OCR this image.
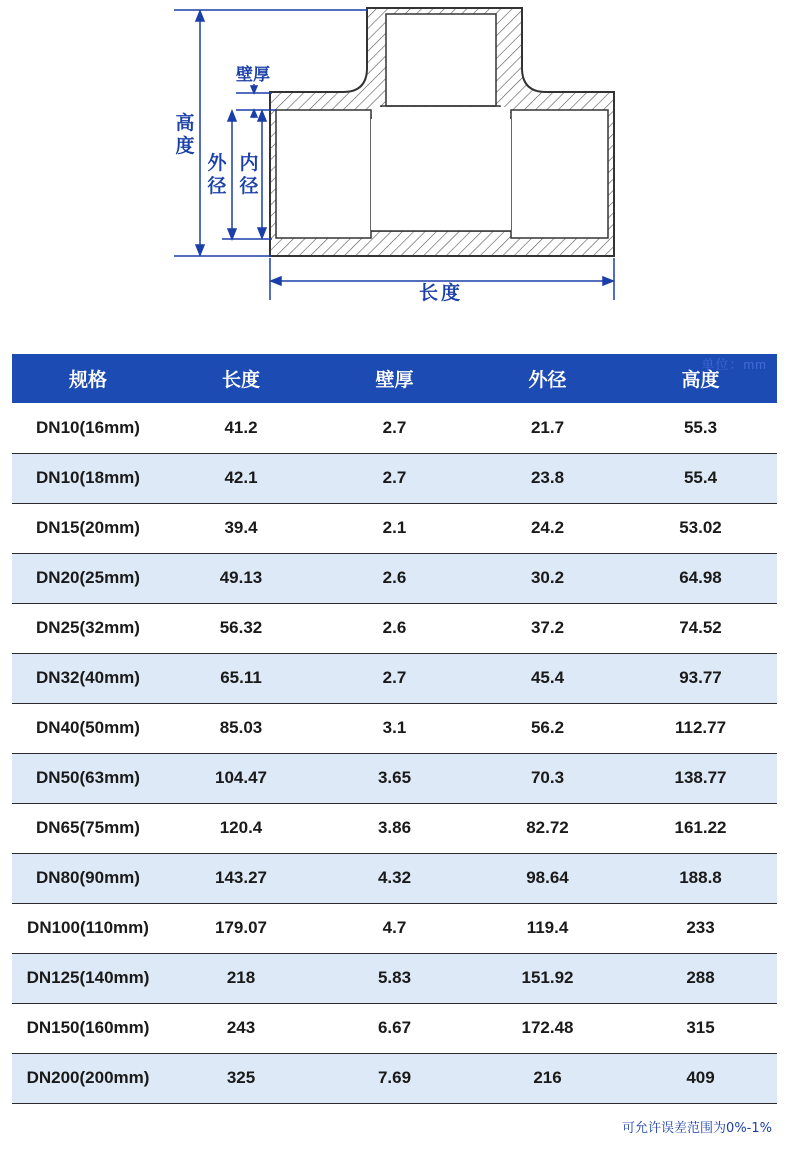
高度
壁厚
外径
内径
长度
规格	长度	壁厚	外径	高度
DN10(16mm)	41.2	2.7	21.7	55.3
DN10(18mm)	42.1	2.7	23.8	55.4
DN15(20mm)	39.4	2.1	24.2	53.02
DN20(25mm)	49.13	2.6	30.2	64.98
DN25(32mm)	56.32	2.6	37.2	74.52
DN32(40mm)	65.11	2.7	45.4	93.77
DN40(50mm)	85.03	3.1	56.2	112.77
DN50(63mm)	104.47	3.65	70.3	138.77
DN65(75mm)	120.4	3.86	82.72	161.22
DN80(90mm)	143.27	4.32	98.64	188.8
DN100(110mm)	179.07	4.7	119.4	233
DN125(140mm)	218	5.83	151.92	288
DN150(160mm)	243	6.67	172.48	315
DN200(200mm)	325	7.69	216	409
单位：mm
可允许误差范围为0%-1%
